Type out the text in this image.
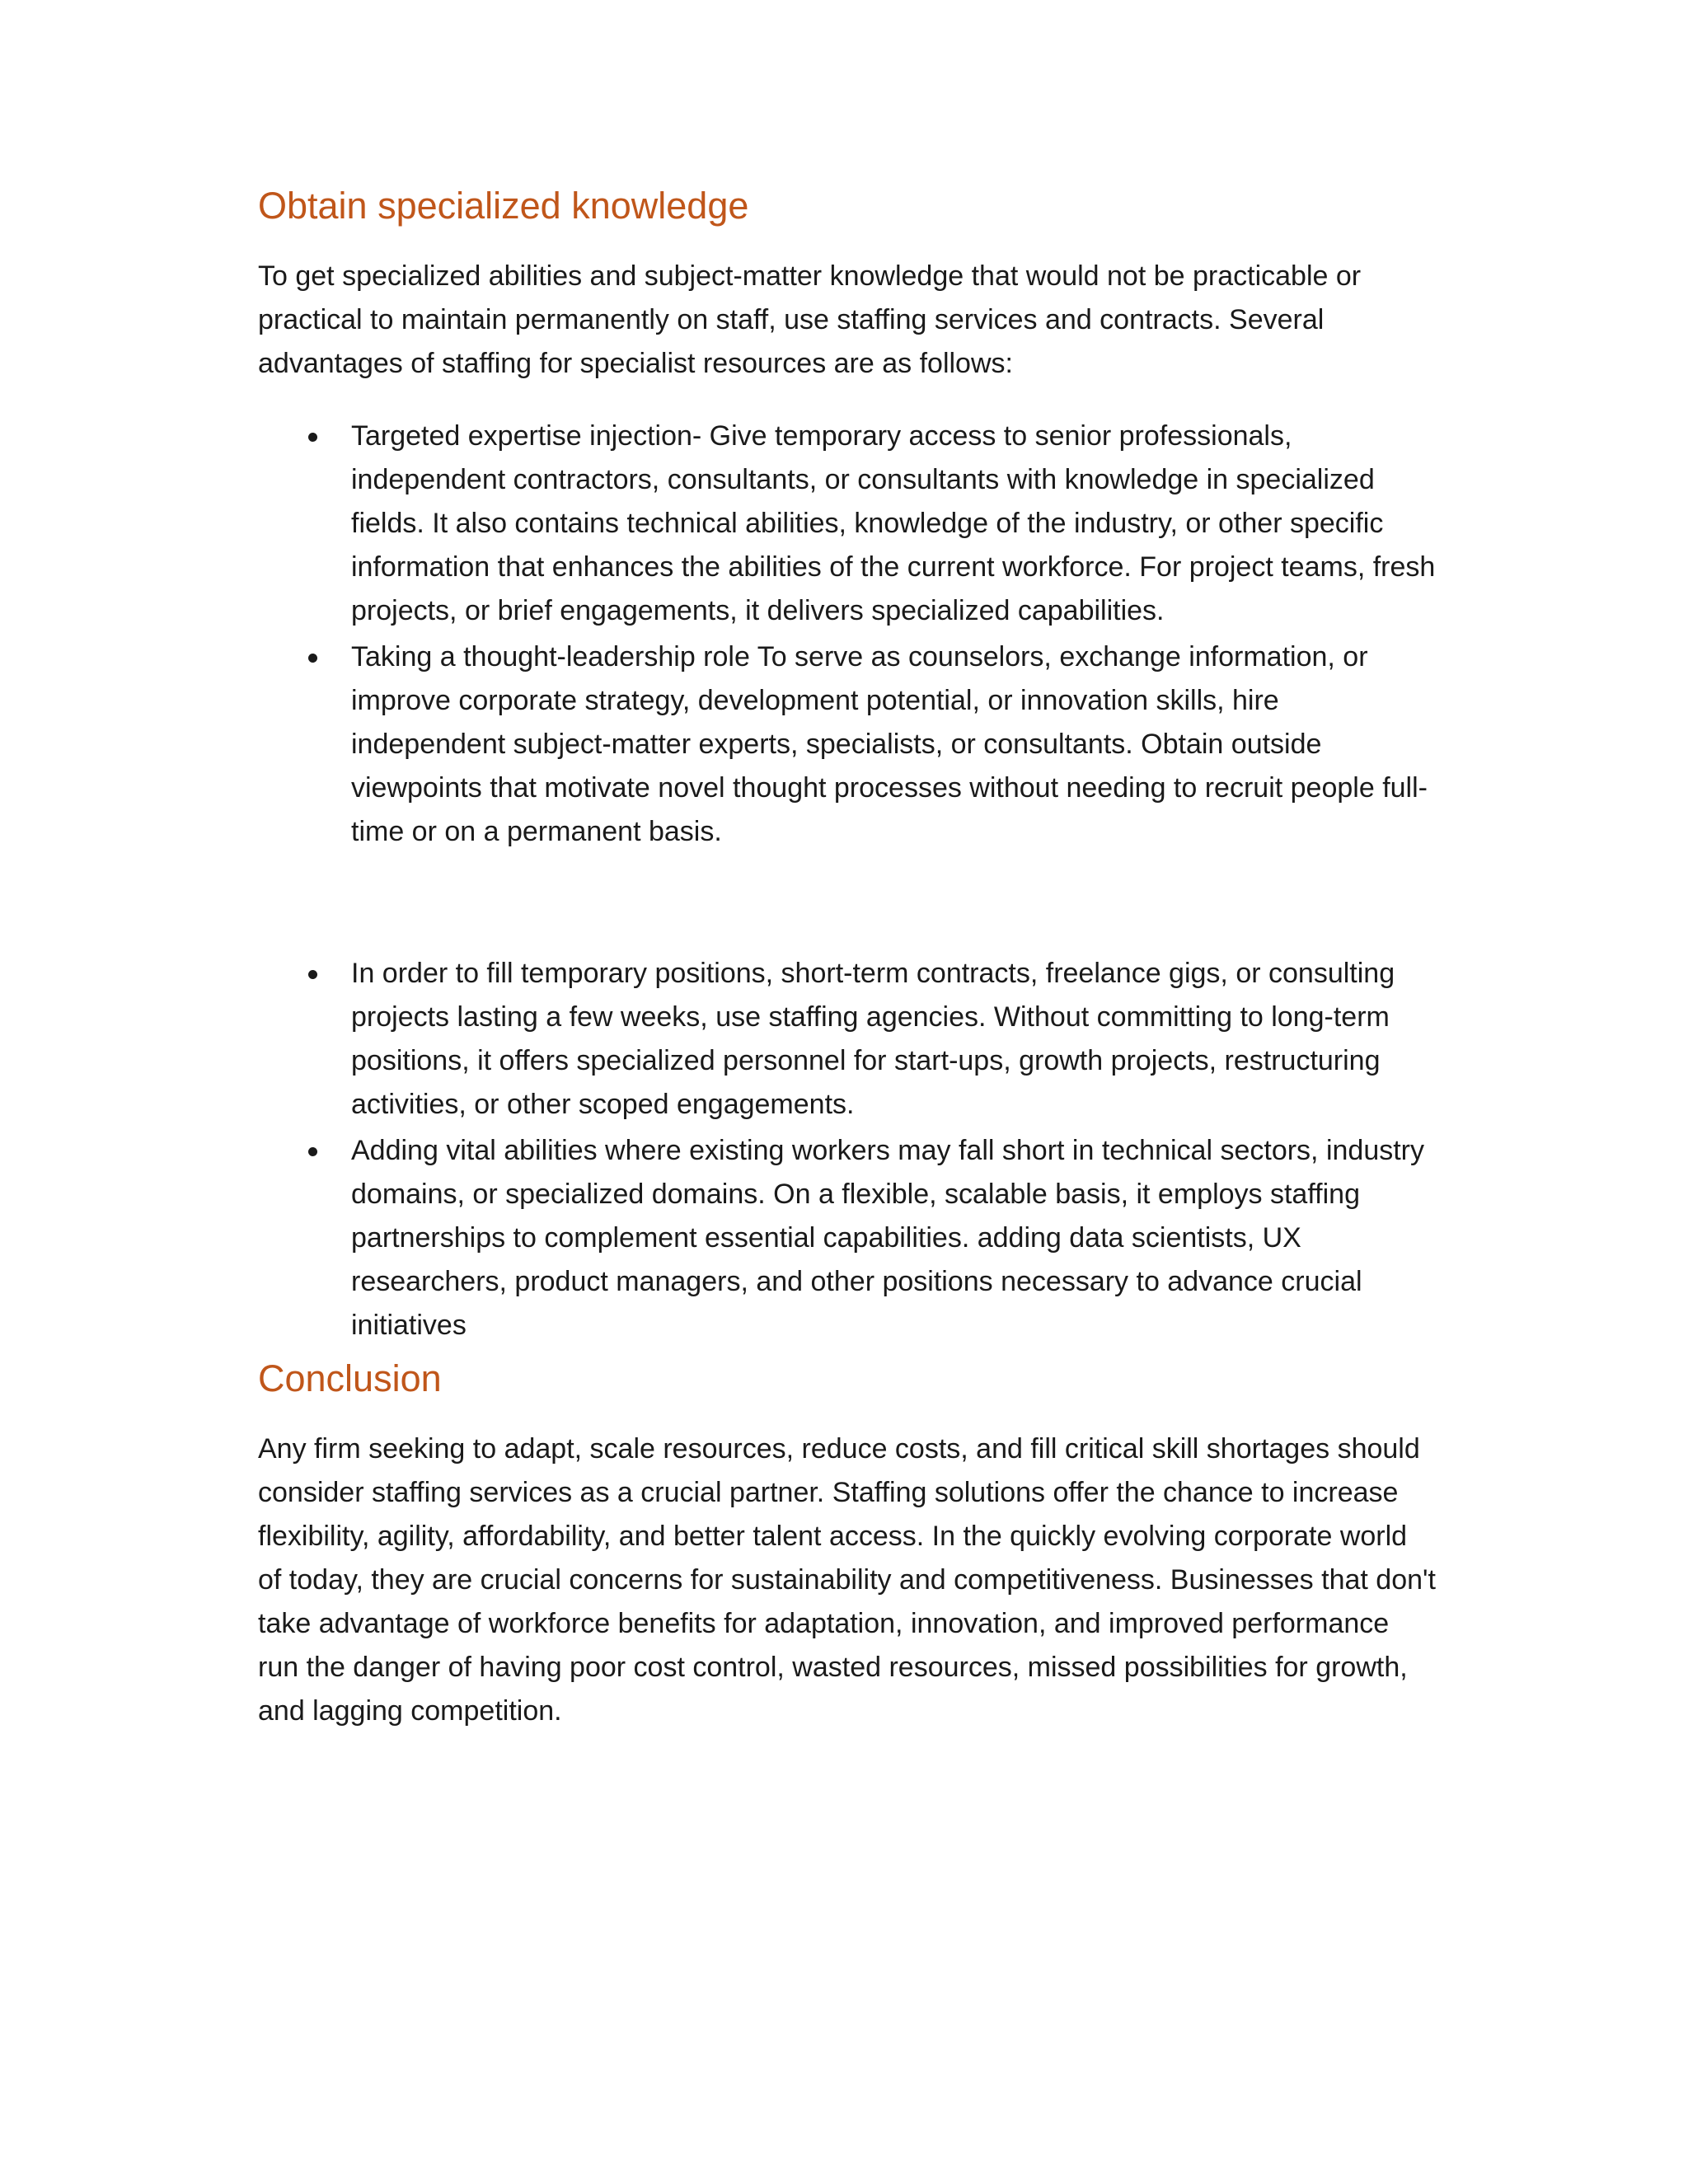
Obtain specialized knowledge

To get specialized abilities and subject-matter knowledge that would not be practicable or practical to maintain permanently on staff, use staffing services and contracts. Several advantages of staffing for specialist resources are as follows:

Targeted expertise injection- Give temporary access to senior professionals, independent contractors, consultants, or consultants with knowledge in specialized fields. It also contains technical abilities, knowledge of the industry, or other specific information that enhances the abilities of the current workforce. For project teams, fresh projects, or brief engagements, it delivers specialized capabilities.
Taking a thought-leadership role To serve as counselors, exchange information, or improve corporate strategy, development potential, or innovation skills, hire independent subject-matter experts, specialists, or consultants. Obtain outside viewpoints that motivate novel thought processes without needing to recruit people full-time or on a permanent basis.
In order to fill temporary positions, short-term contracts, freelance gigs, or consulting projects lasting a few weeks, use staffing agencies. Without committing to long-term positions, it offers specialized personnel for start-ups, growth projects, restructuring activities, or other scoped engagements.
Adding vital abilities where existing workers may fall short in technical sectors, industry domains, or specialized domains. On a flexible, scalable basis, it employs staffing partnerships to complement essential capabilities. adding data scientists, UX researchers, product managers, and other positions necessary to advance crucial initiatives
Conclusion

Any firm seeking to adapt, scale resources, reduce costs, and fill critical skill shortages should consider staffing services as a crucial partner. Staffing solutions offer the chance to increase flexibility, agility, affordability, and better talent access. In the quickly evolving corporate world of today, they are crucial concerns for sustainability and competitiveness. Businesses that don't take advantage of workforce benefits for adaptation, innovation, and improved performance run the danger of having poor cost control, wasted resources, missed possibilities for growth, and lagging competition.
